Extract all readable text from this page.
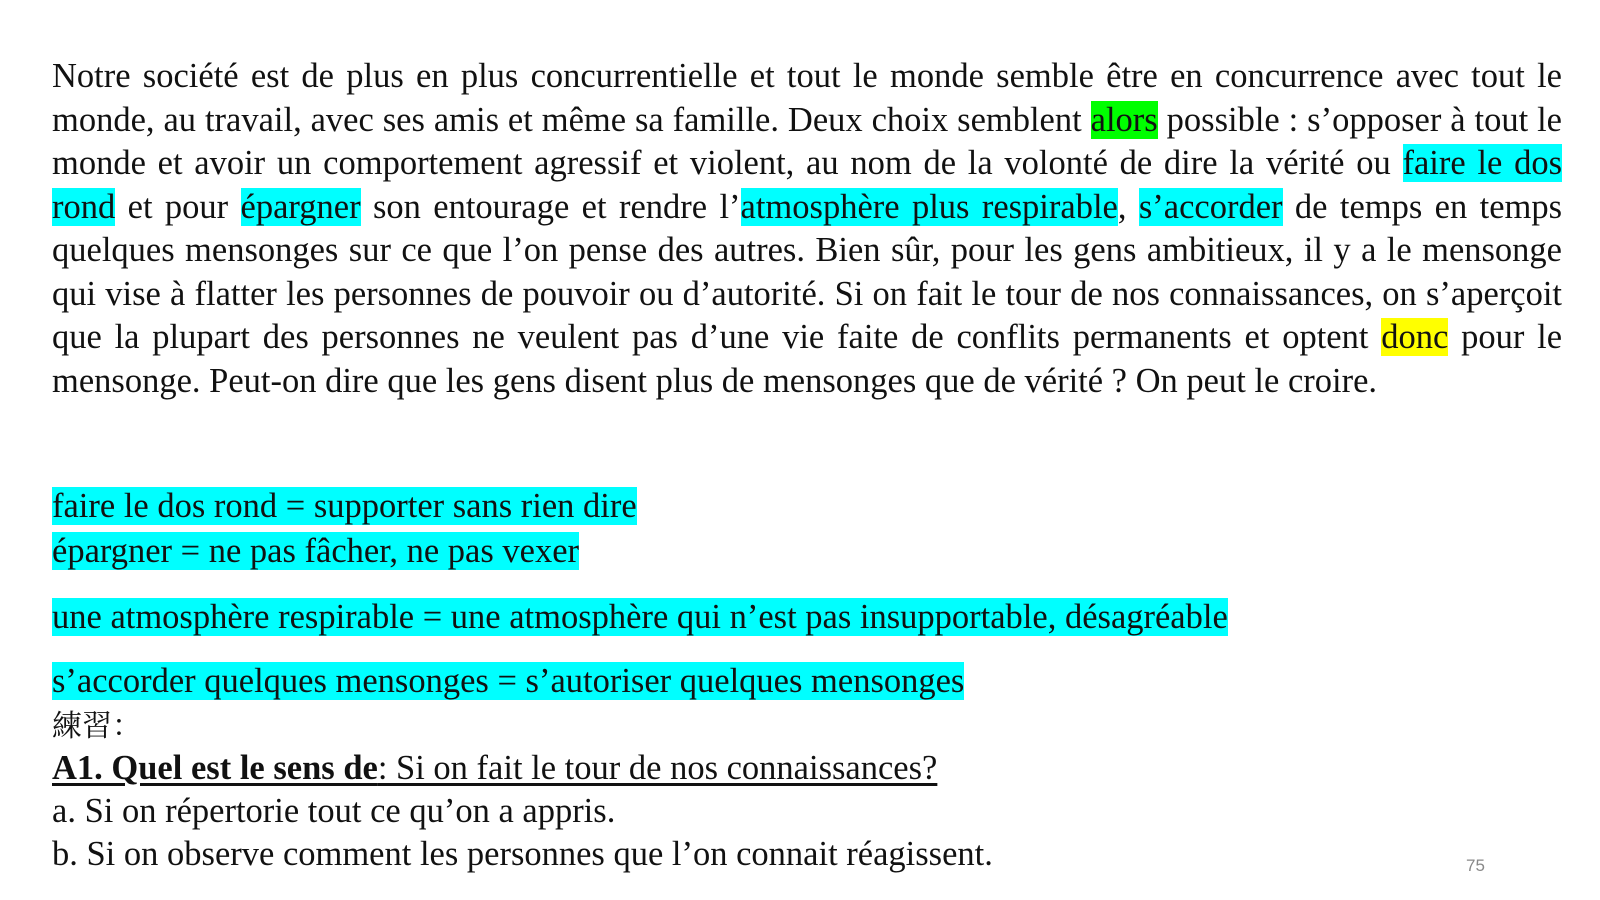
Notre société est de plus en plus concurrentielle et tout le monde semble être en concurrence avec tout le monde, au travail, avec ses amis et même sa famille. Deux choix semblent alors possible : s’opposer à tout le monde et avoir un comportement agressif et violent, au nom de la volonté de dire la vérité ou faire le dos rond et pour épargner son entourage et rendre l’atmosphère plus respirable, s’accorder de temps en temps quelques mensonges sur ce que l’on pense des autres. Bien sûr, pour les gens ambitieux, il y a le mensonge qui vise à flatter les personnes de pouvoir ou d’autorité. Si on fait le tour de nos connaissances, on s’aperçoit que la plupart des personnes ne veulent pas d’une vie faite de conflits permanents et optent donc pour le mensonge. Peut-on dire que les gens disent plus de mensonges que de vérité ? On peut le croire.

faire le dos rond = supporter sans rien dire
épargner = ne pas fâcher, ne pas vexer
une atmosphère respirable = une atmosphère qui n’est pas insupportable, désagréable
s’accorder quelques mensonges = s’autoriser quelques mensonges
練習：
A1. Quel est le sens de: Si on fait le tour de nos connaissances?
a. Si on répertorie tout ce qu’on a appris.
b. Si on observe comment les personnes que l’on connait réagissent.	75
